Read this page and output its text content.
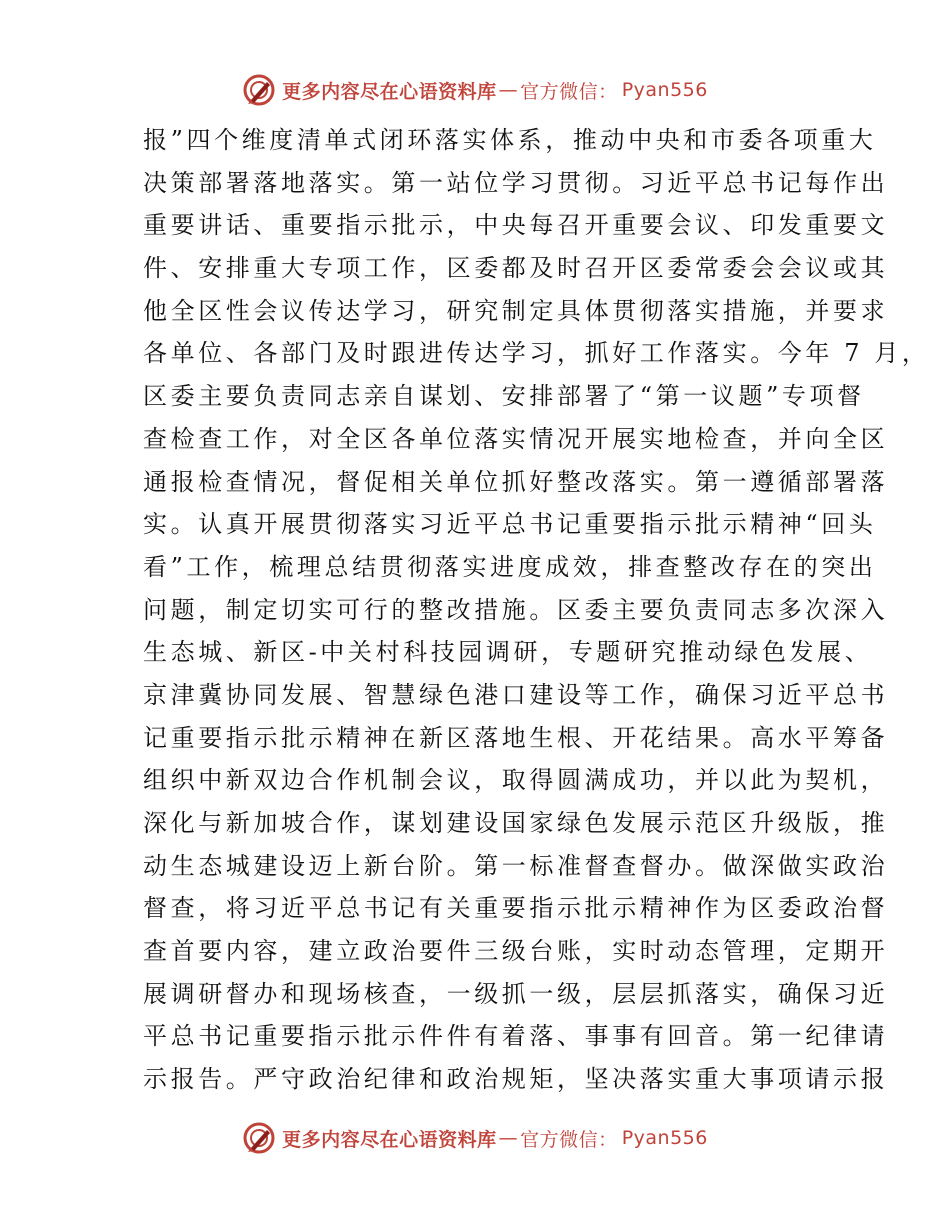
更多内容尽在心语资料库 — 官方微信： Pyan556
报”四个维度清单式闭环落实体系，推动中央和市委各项重大
决策部署落地落实。第一站位学习贯彻。习近平总书记每作出
重要讲话、重要指示批示，中央每召开重要会议、印发重要文
件、安排重大专项工作，区委都及时召开区委常委会会议或其
他全区性会议传达学习，研究制定具体贯彻落实措施，并要求
各单位、各部门及时跟进传达学习，抓好工作落实。今年 7 月，
区委主要负责同志亲自谋划、安排部署了“第一议题”专项督
查检查工作，对全区各单位落实情况开展实地检查，并向全区
通报检查情况，督促相关单位抓好整改落实。第一遵循部署落
实。认真开展贯彻落实习近平总书记重要指示批示精神“回头
看”工作，梳理总结贯彻落实进度成效，排查整改存在的突出
问题，制定切实可行的整改措施。区委主要负责同志多次深入
生态城、新区-中关村科技园调研，专题研究推动绿色发展、
京津冀协同发展、智慧绿色港口建设等工作，确保习近平总书
记重要指示批示精神在新区落地生根、开花结果。高水平筹备
组织中新双边合作机制会议，取得圆满成功，并以此为契机，
深化与新加坡合作，谋划建设国家绿色发展示范区升级版，推
动生态城建设迈上新台阶。第一标准督查督办。做深做实政治
督查，将习近平总书记有关重要指示批示精神作为区委政治督
查首要内容，建立政治要件三级台账，实时动态管理，定期开
展调研督办和现场核查，一级抓一级，层层抓落实，确保习近
平总书记重要指示批示件件有着落、事事有回音。第一纪律请
示报告。严守政治纪律和政治规矩，坚决落实重大事项请示报
更多内容尽在心语资料库 — 官方微信： Pyan556
